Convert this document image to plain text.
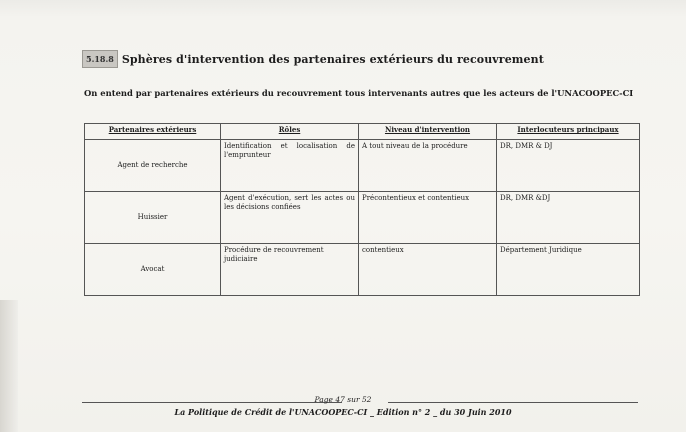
5.18.8 Sphères d'intervention des partenaires extérieurs du recouvrement
On entend par partenaires extérieurs du recouvrement tous intervenants autres que les acteurs de l'UNACOOPEC-CI
Partenaires extérieurs	Rôles	Niveau d'intervention	Interlocuteurs principaux
Agent de recherche	Identification et localisation de l'emprunteur	A tout niveau de la procédure	DR, DMR & DJ
Huissier	Agent d'exécution, sert les actes ou les décisions confiées	Précontentieux et contentieux	DR, DMR &DJ
Avocat	Procédure de recouvrement judiciaire	contentieux	Département Juridique
Page 47 sur 52
La Politique de Crédit de l'UNACOOPEC-CI _ Edition n° 2 _ du 30 Juin 2010
